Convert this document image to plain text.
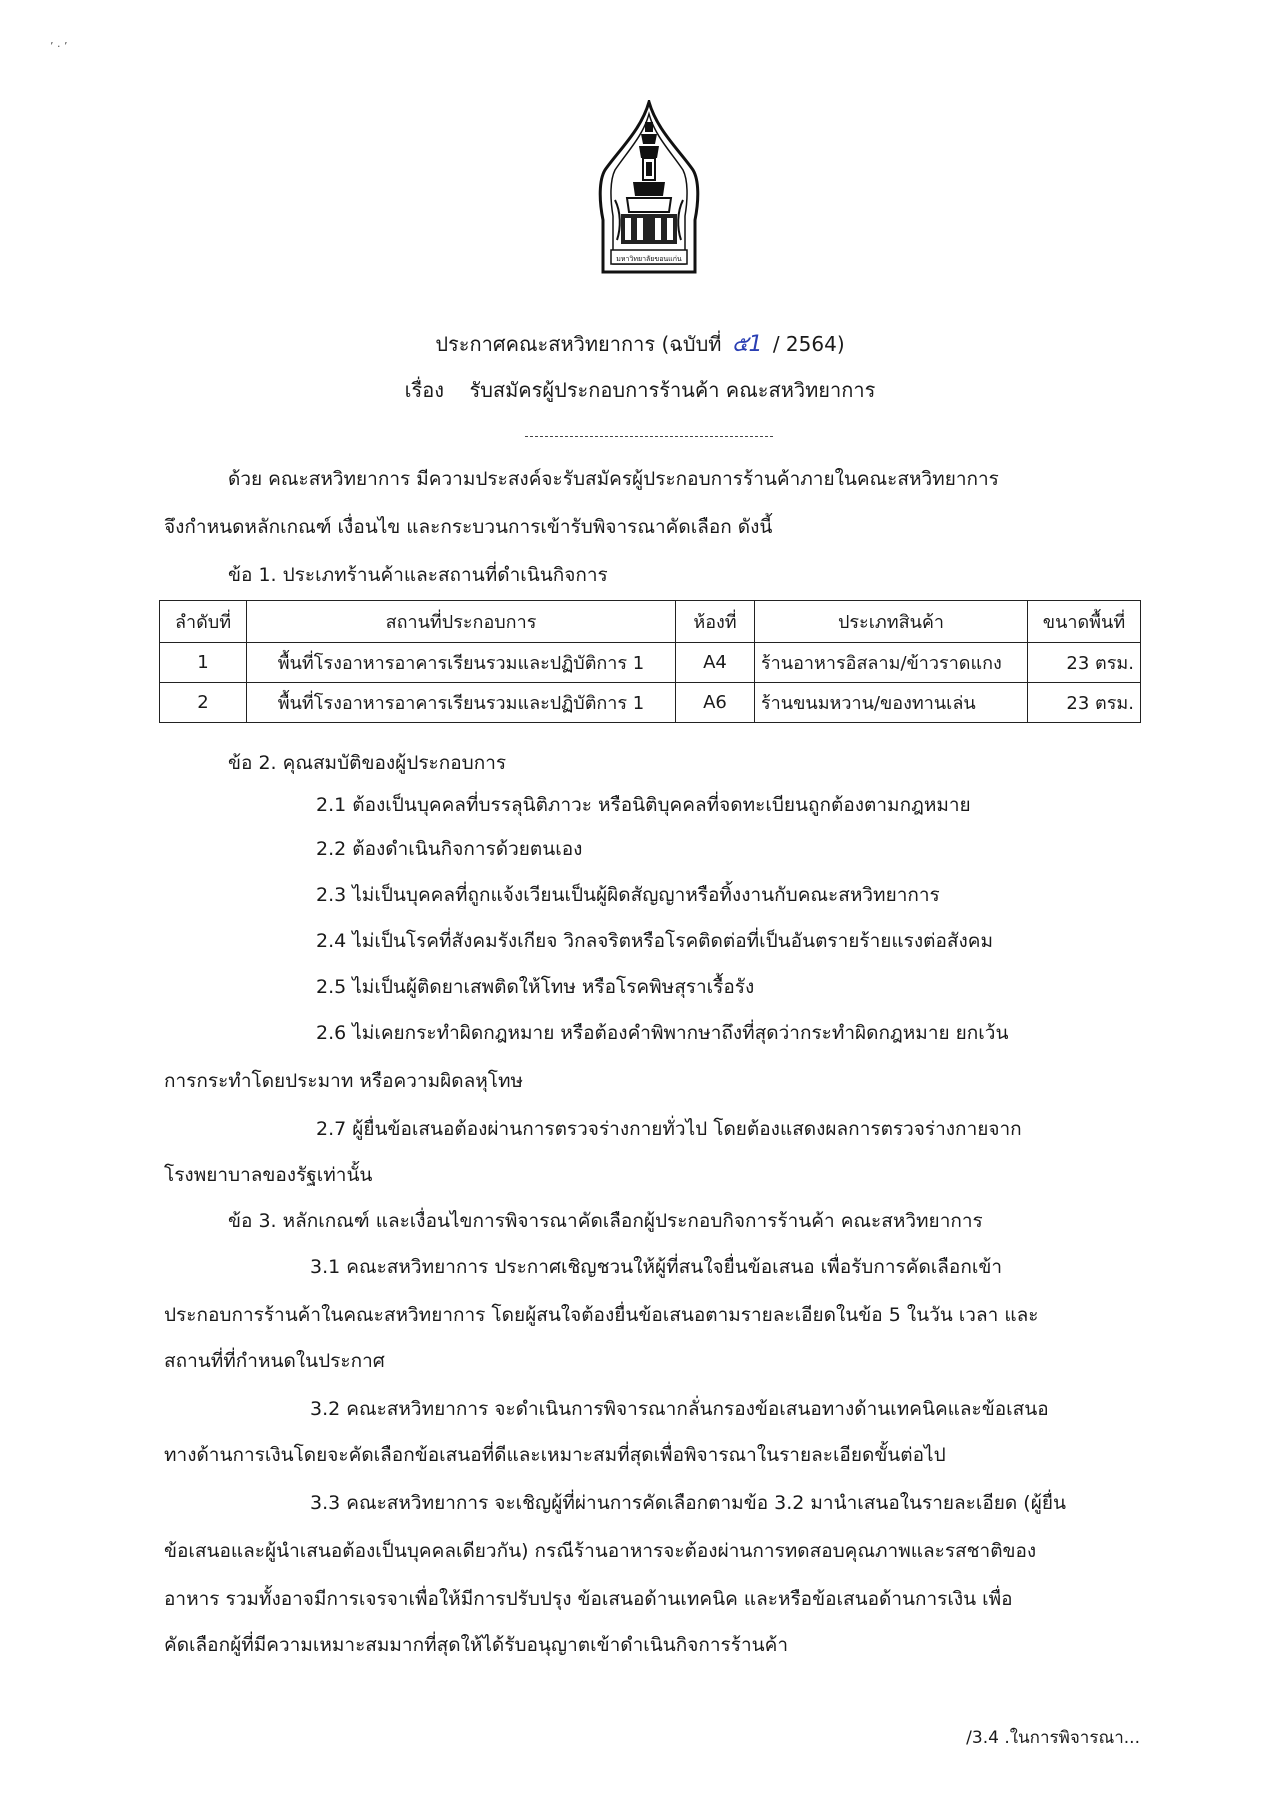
’ · ’
มหาวิทยาลัยขอนแก่น
ประกาศคณะสหวิทยาการ (ฉบับที่ ๕1 / 2564)
เรื่อง รับสมัครผู้ประกอบการร้านค้า คณะสหวิทยาการ
ด้วย คณะสหวิทยาการ มีความประสงค์จะรับสมัครผู้ประกอบการร้านค้าภายในคณะสหวิทยาการ
จึงกำหนดหลักเกณฑ์ เงื่อนไข และกระบวนการเข้ารับพิจารณาคัดเลือก ดังนี้
ข้อ 1. ประเภทร้านค้าและสถานที่ดำเนินกิจการ
ลำดับที่	สถานที่ประกอบการ	ห้องที่	ประเภทสินค้า	ขนาดพื้นที่
1	พื้นที่โรงอาหารอาคารเรียนรวมและปฏิบัติการ 1	A4	ร้านอาหารอิสลาม/ข้าวราดแกง	23 ตรม.
2	พื้นที่โรงอาหารอาคารเรียนรวมและปฏิบัติการ 1	A6	ร้านขนมหวาน/ของทานเล่น	23 ตรม.
ข้อ 2. คุณสมบัติของผู้ประกอบการ
2.1 ต้องเป็นบุคคลที่บรรลุนิติภาวะ หรือนิติบุคคลที่จดทะเบียนถูกต้องตามกฎหมาย
2.2 ต้องดำเนินกิจการด้วยตนเอง
2.3 ไม่เป็นบุคคลที่ถูกแจ้งเวียนเป็นผู้ผิดสัญญาหรือทิ้งงานกับคณะสหวิทยาการ
2.4 ไม่เป็นโรคที่สังคมรังเกียจ วิกลจริตหรือโรคติดต่อที่เป็นอันตรายร้ายแรงต่อสังคม
2.5 ไม่เป็นผู้ติดยาเสพติดให้โทษ หรือโรคพิษสุราเรื้อรัง
2.6 ไม่เคยกระทำผิดกฎหมาย หรือต้องคำพิพากษาถึงที่สุดว่ากระทำผิดกฎหมาย ยกเว้น
การกระทำโดยประมาท หรือความผิดลหุโทษ
2.7 ผู้ยื่นข้อเสนอต้องผ่านการตรวจร่างกายทั่วไป โดยต้องแสดงผลการตรวจร่างกายจาก
โรงพยาบาลของรัฐเท่านั้น
ข้อ 3. หลักเกณฑ์ และเงื่อนไขการพิจารณาคัดเลือกผู้ประกอบกิจการร้านค้า คณะสหวิทยาการ
3.1 คณะสหวิทยาการ ประกาศเชิญชวนให้ผู้ที่สนใจยื่นข้อเสนอ เพื่อรับการคัดเลือกเข้า
ประกอบการร้านค้าในคณะสหวิทยาการ โดยผู้สนใจต้องยื่นข้อเสนอตามรายละเอียดในข้อ 5 ในวัน เวลา และ
สถานที่ที่กำหนดในประกาศ
3.2 คณะสหวิทยาการ จะดำเนินการพิจารณากลั่นกรองข้อเสนอทางด้านเทคนิคและข้อเสนอ
ทางด้านการเงินโดยจะคัดเลือกข้อเสนอที่ดีและเหมาะสมที่สุดเพื่อพิจารณาในรายละเอียดขั้นต่อไป
3.3 คณะสหวิทยาการ จะเชิญผู้ที่ผ่านการคัดเลือกตามข้อ 3.2 มานำเสนอในรายละเอียด (ผู้ยื่น
ข้อเสนอและผู้นำเสนอต้องเป็นบุคคลเดียวกัน) กรณีร้านอาหารจะต้องผ่านการทดสอบคุณภาพและรสชาติของ
อาหาร รวมทั้งอาจมีการเจรจาเพื่อให้มีการปรับปรุง ข้อเสนอด้านเทคนิค และหรือข้อเสนอด้านการเงิน เพื่อ
คัดเลือกผู้ที่มีความเหมาะสมมากที่สุดให้ได้รับอนุญาตเข้าดำเนินกิจการร้านค้า
/3.4 .ในการพิจารณา...
